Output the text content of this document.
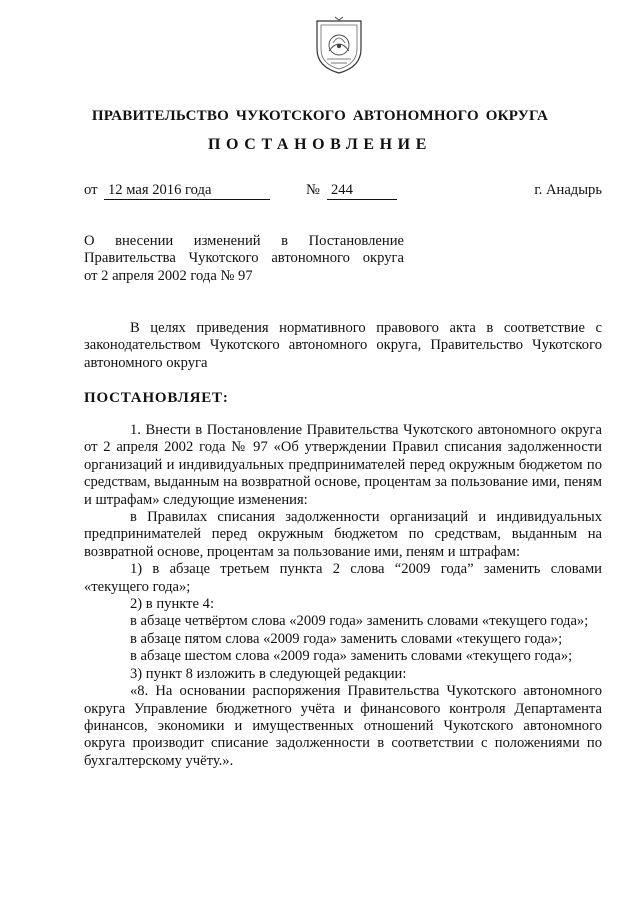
ПРАВИТЕЛЬСТВО ЧУКОТСКОГО АВТОНОМНОГО ОКРУГА
ПОСТАНОВЛЕНИЕ
от 12 мая 2016 года	№ 244	г. Анадырь
О внесении изменений в Постановление
Правительства Чукотского автономного округа
от 2 апреля 2002 года № 97

В целях приведения нормативного правового акта в соответствие с законодательством Чукотского автономного округа, Правительство Чукотского автономного округа

ПОСТАНОВЛЯЕТ:

1. Внести в Постановление Правительства Чукотского автономного округа от 2 апреля 2002 года № 97 «Об утверждении Правил списания задолженности организаций и индивидуальных предпринимателей перед окружным бюджетом по средствам, выданным на возвратной основе, процентам за пользование ими, пеням и штрафам» следующие изменения:

в Правилах списания задолженности организаций и индивидуальных предпринимателей перед окружным бюджетом по средствам, выданным на возвратной основе, процентам за пользование ими, пеням и штрафам:

1) в абзаце третьем пункта 2 слова “2009 года” заменить словами «текущего года»;

2) в пункте 4:

в абзаце четвёртом слова «2009 года» заменить словами «текущего года»;

в абзаце пятом слова «2009 года» заменить словами «текущего года»;

в абзаце шестом слова «2009 года» заменить словами «текущего года»;

3) пункт 8 изложить в следующей редакции:

«8. На основании распоряжения Правительства Чукотского автономного округа Управление бюджетного учёта и финансового контроля Департамента финансов, экономики и имущественных отношений Чукотского автономного округа производит списание задолженности в соответствии с положениями по бухгалтерскому учёту.».
